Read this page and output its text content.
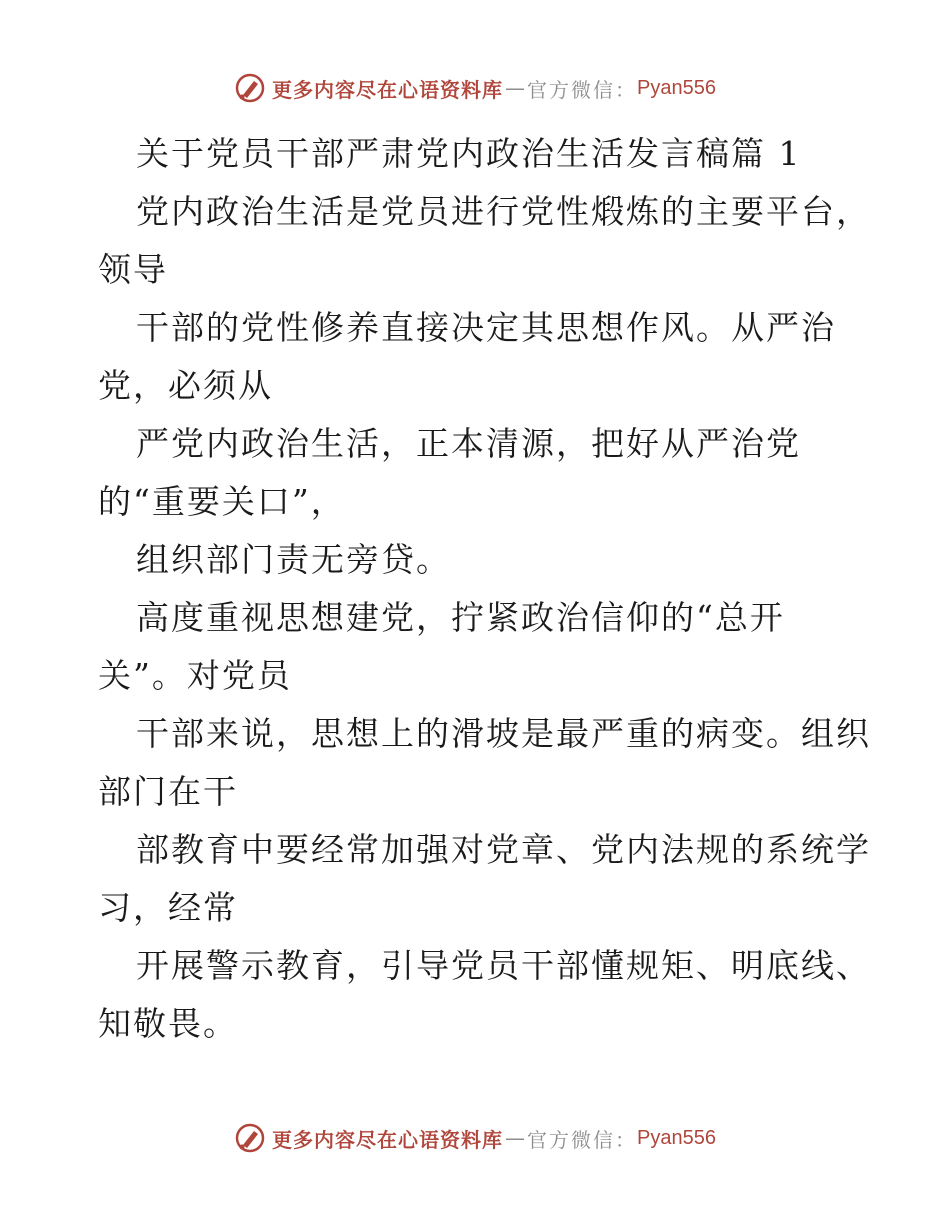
更多内容尽在心语资料库 — 官方微信： Pyan556
关于党员干部严肃党内政治生活发言稿篇 1
党内政治生活是党员进行党性煅炼的主要平台，
领导
干部的党性修养直接决定其思想作风。从严治
党，必须从
严党内政治生活，正本清源，把好从严治党
的“重要关口”，
组织部门责无旁贷。
高度重视思想建党，拧紧政治信仰的“总开
关”。对党员
干部来说，思想上的滑坡是最严重的病变。组织
部门在干
部教育中要经常加强对党章、党内法规的系统学
习，经常
开展警示教育，引导党员干部懂规矩、明底线、
知敬畏。
更多内容尽在心语资料库 — 官方微信： Pyan556
